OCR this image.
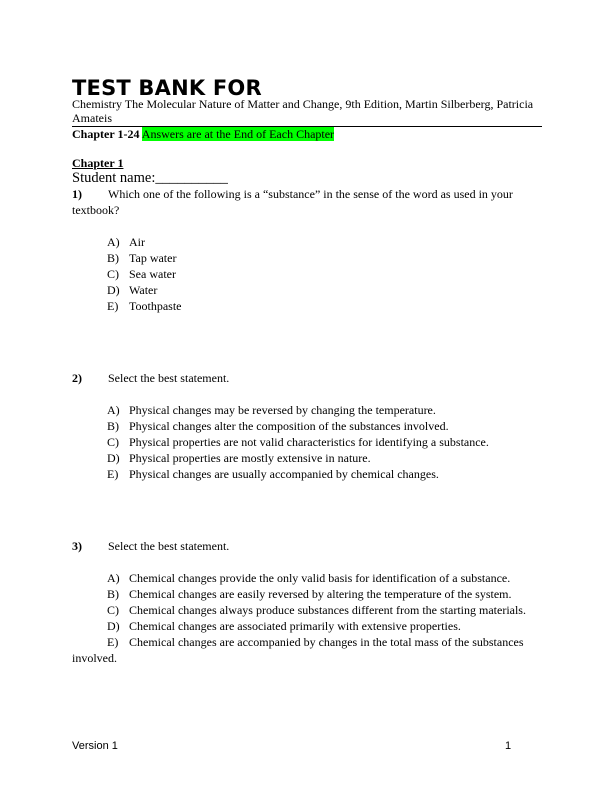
TEST BANK FOR
Chemistry The Molecular Nature of Matter and Change, 9th Edition, Martin Silberberg, Patricia Amateis
Chapter 1-24 Answers are at the End of Each Chapter
Chapter 1
Student name:__________
1)	Which one of the following is a “substance” in the sense of the word as used in your textbook?

A) Air
B) Tap water
C) Sea water
D) Water
E) Toothpaste
2)	Select the best statement.

A) Physical changes may be reversed by changing the temperature.
B) Physical changes alter the composition of the substances involved.
C) Physical properties are not valid characteristics for identifying a substance.
D) Physical properties are mostly extensive in nature.
E) Physical changes are usually accompanied by chemical changes.
3)	Select the best statement.

A) Chemical changes provide the only valid basis for identification of a substance.
B) Chemical changes are easily reversed by altering the temperature of the system.
C) Chemical changes always produce substances different from the starting materials.
D) Chemical changes are associated primarily with extensive properties.
E) Chemical changes are accompanied by changes in the total mass of the substances involved.
Version 1	1
